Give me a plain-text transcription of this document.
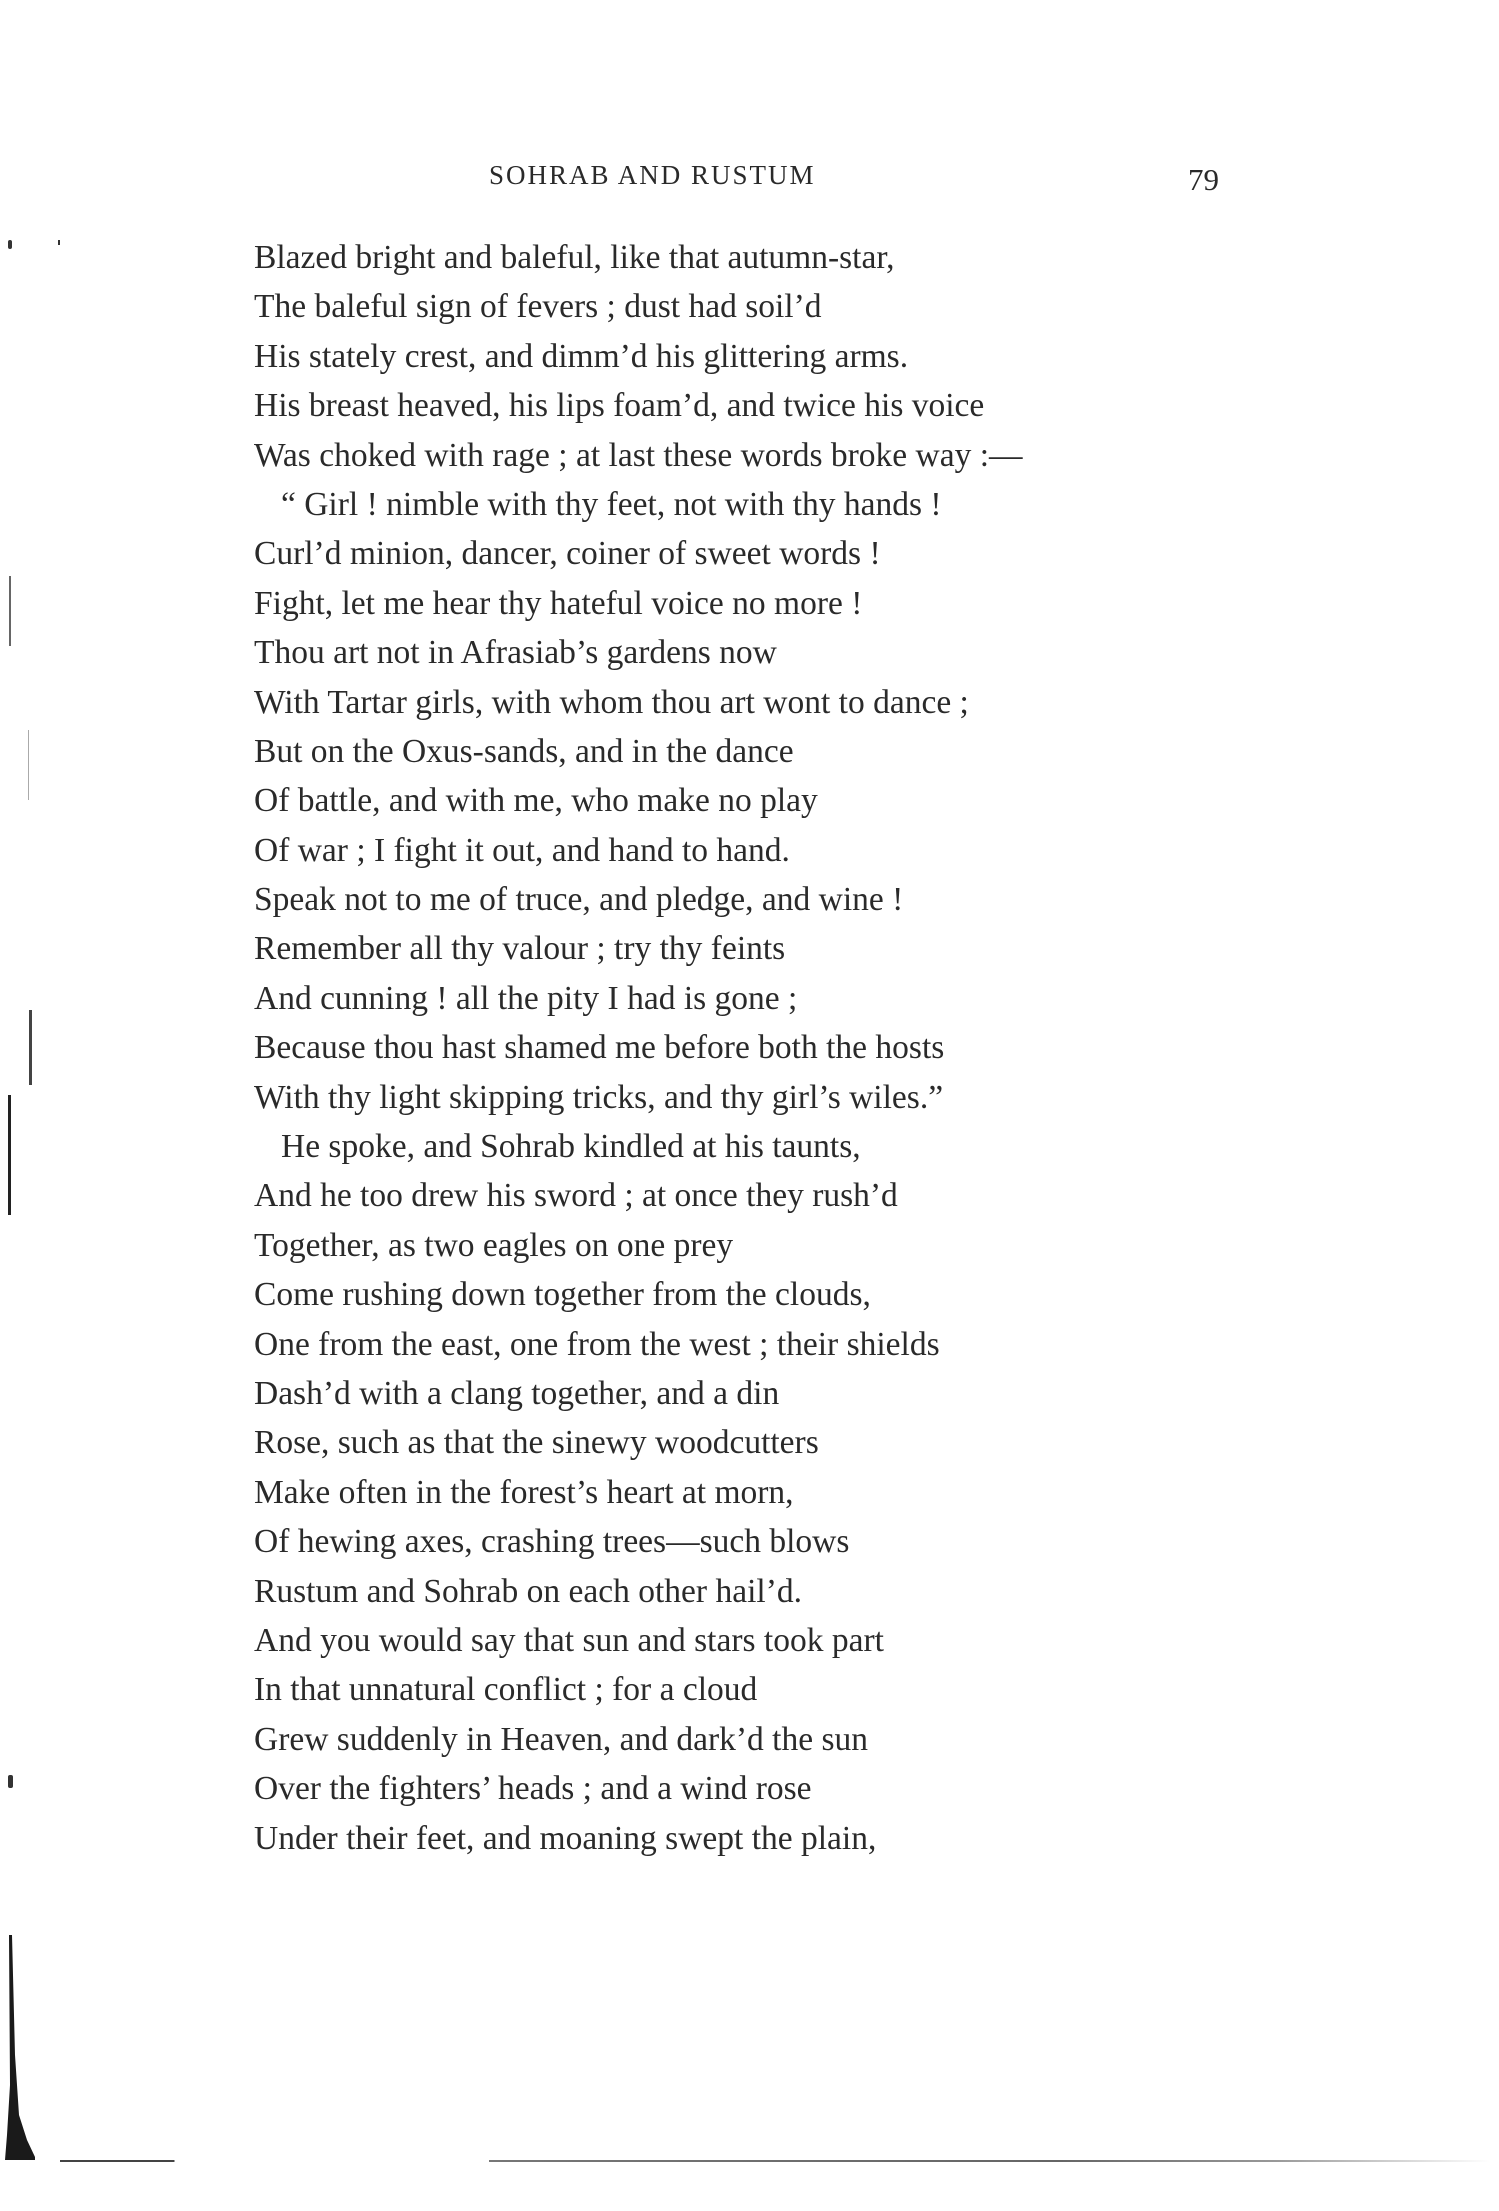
SOHRAB AND RUSTUM	79
Blazed bright and baleful, like that autumn-star,
The baleful sign of fevers ; dust had soil’d
His stately crest, and dimm’d his glittering arms.
His breast heaved, his lips foam’d, and twice his voice
Was choked with rage ; at last these words broke way :—
“ Girl ! nimble with thy feet, not with thy hands !
Curl’d minion, dancer, coiner of sweet words !
Fight, let me hear thy hateful voice no more !
Thou art not in Afrasiab’s gardens now
With Tartar girls, with whom thou art wont to dance ;
But on the Oxus-sands, and in the dance
Of battle, and with me, who make no play
Of war ; I fight it out, and hand to hand.
Speak not to me of truce, and pledge, and wine !
Remember all thy valour ; try thy feints
And cunning ! all the pity I had is gone ;
Because thou hast shamed me before both the hosts
With thy light skipping tricks, and thy girl’s wiles.”
He spoke, and Sohrab kindled at his taunts,
And he too drew his sword ; at once they rush’d
Together, as two eagles on one prey
Come rushing down together from the clouds,
One from the east, one from the west ; their shields
Dash’d with a clang together, and a din
Rose, such as that the sinewy woodcutters
Make often in the forest’s heart at morn,
Of hewing axes, crashing trees—such blows
Rustum and Sohrab on each other hail’d.
And you would say that sun and stars took part
In that unnatural conflict ; for a cloud
Grew suddenly in Heaven, and dark’d the sun
Over the fighters’ heads ; and a wind rose
Under their feet, and moaning swept the plain,
